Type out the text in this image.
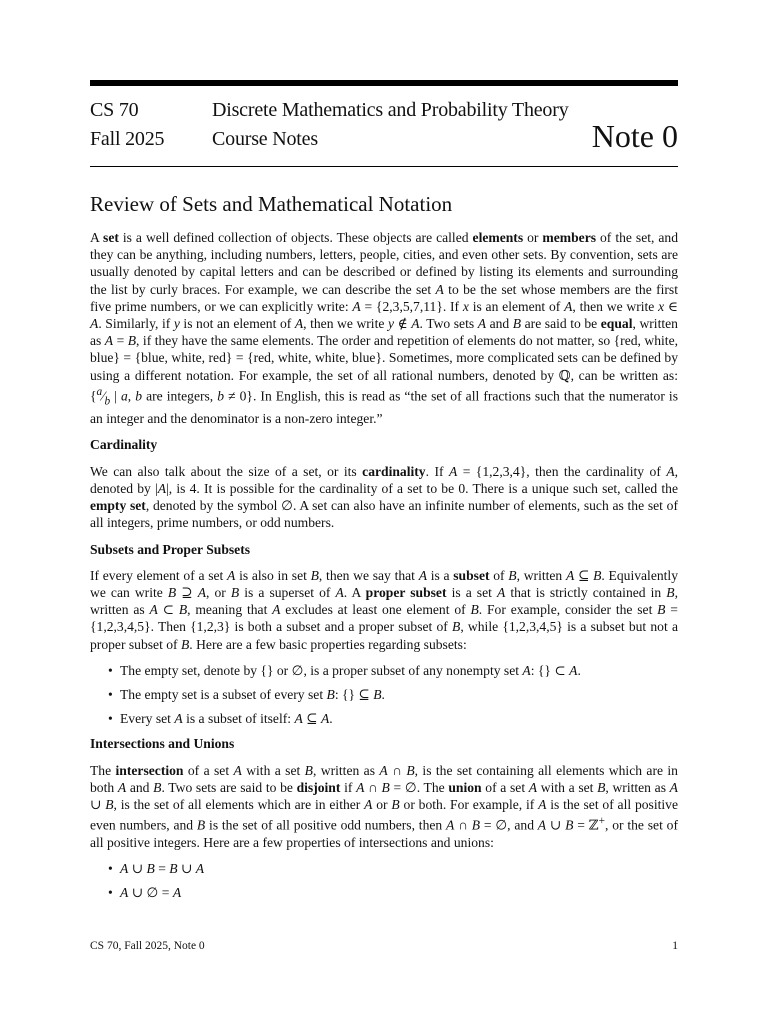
CS 70
Fall 2025
Discrete Mathematics and Probability Theory
Course Notes	Note 0
Review of Sets and Mathematical Notation

A set is a well defined collection of objects. These objects are called elements or members of the set, and they can be anything, including numbers, letters, people, cities, and even other sets. By convention, sets are usually denoted by capital letters and can be described or defined by listing its elements and surrounding the list by curly braces. For example, we can describe the set A to be the set whose members are the first five prime numbers, or we can explicitly write: A = {2,3,5,7,11}. If x is an element of A, then we write x ∈ A. Similarly, if y is not an element of A, then we write y ∉ A. Two sets A and B are said to be equal, written as A = B, if they have the same elements. The order and repetition of elements do not matter, so {red, white, blue} = {blue, white, red} = {red, white, white, blue}. Sometimes, more complicated sets can be defined by using a different notation. For example, the set of all rational numbers, denoted by ℚ, can be written as: {$^a⁄_b$ | a, b are integers, b ≠ 0}. In English, this is read as “the set of all fractions such that the numerator is an integer and the denominator is a non-zero integer.”

Cardinality

We can also talk about the size of a set, or its cardinality. If A = {1,2,3,4}, then the cardinality of A, denoted by |A|, is 4. It is possible for the cardinality of a set to be 0. There is a unique such set, called the empty set, denoted by the symbol ∅. A set can also have an infinite number of elements, such as the set of all integers, prime numbers, or odd numbers.

Subsets and Proper Subsets

If every element of a set A is also in set B, then we say that A is a subset of B, written A ⊆ B. Equivalently we can write B ⊇ A, or B is a superset of A. A proper subset is a set A that is strictly contained in B, written as A ⊂ B, meaning that A excludes at least one element of B. For example, consider the set B = {1,2,3,4,5}. Then {1,2,3} is both a subset and a proper subset of B, while {1,2,3,4,5} is a subset but not a proper subset of B. Here are a few basic properties regarding subsets:

• The empty set, denote by {} or ∅, is a proper subset of any nonempty set A: {} ⊂ A.
• The empty set is a subset of every set B: {} ⊆ B.
• Every set A is a subset of itself: A ⊆ A.
Intersections and Unions

The intersection of a set A with a set B, written as A ∩ B, is the set containing all elements which are in both A and B. Two sets are said to be disjoint if A ∩ B = ∅. The union of a set A with a set B, written as A ∪ B, is the set of all elements which are in either A or B or both. For example, if A is the set of all positive even numbers, and B is the set of all positive odd numbers, then A ∩ B = ∅, and A ∪ B = ℤ+, or the set of all positive integers. Here are a few properties of intersections and unions:

• A ∪ B = B ∪ A
• A ∪ ∅ = A
CS 70, Fall 2025, Note 0	1
